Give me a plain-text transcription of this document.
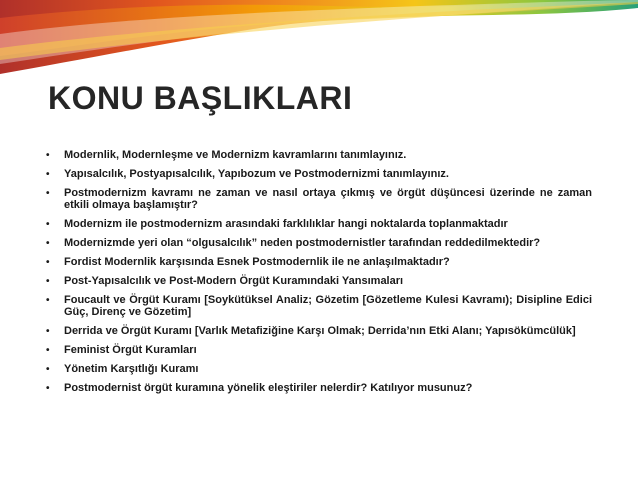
KONU BAŞLIKLARI
• Modernlik, Modernleşme ve Modernizm kavramlarını tanımlayınız.
• Yapısalcılık, Postyapısalcılık, Yapıbozum ve Postmodernizmi tanımlayınız.
• Postmodernizm kavramı ne zaman ve nasıl ortaya çıkmış ve örgüt düşüncesi üzerinde ne zaman etkili olmaya başlamıştır?
• Modernizm ile postmodernizm arasındaki farklılıklar hangi noktalarda toplanmaktadır
• Modernizmde yeri olan “olgusalcılık” neden postmodernistler tarafından reddedilmektedir?
• Fordist Modernlik karşısında Esnek Postmodernlik ile ne anlaşılmaktadır?
• Post-Yapısalcılık ve Post-Modern Örgüt Kuramındaki Yansımaları
• Foucault ve Örgüt Kuramı [Soykütüksel Analiz; Gözetim [Gözetleme Kulesi Kavramı); Disipline Edici Güç, Direnç ve Gözetim]
• Derrida ve Örgüt Kuramı [Varlık Metafiziğine Karşı Olmak; Derrida’nın Etki Alanı; Yapısökümcülük]
• Feminist Örgüt Kuramları
• Yönetim Karşıtlığı Kuramı
• Postmodernist örgüt kuramına yönelik eleştiriler nelerdir? Katılıyor musunuz?
